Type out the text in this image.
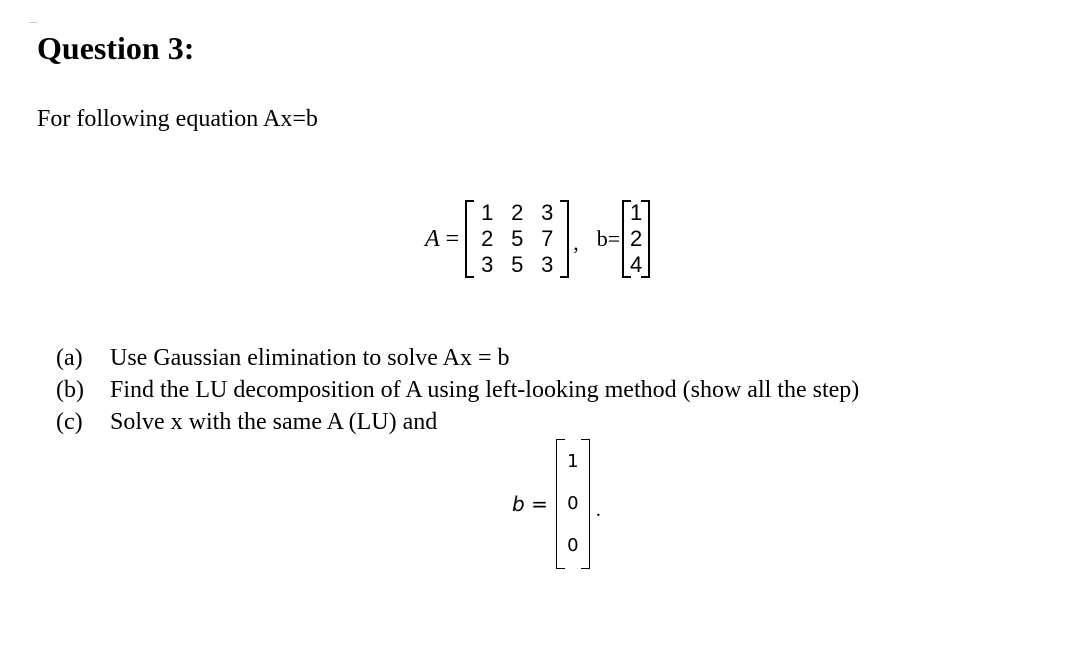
Question 3:
For following equation Ax=b
A =
1 2 3
2 5 7
3 5 3
, b=
1
2
4
(a)	Use Gaussian elimination to solve Ax = b
(b)	Find the LU decomposition of A using left-looking method (show all the step)
(c)	Solve x with the same A (LU) and
b =
1
0
0
.
